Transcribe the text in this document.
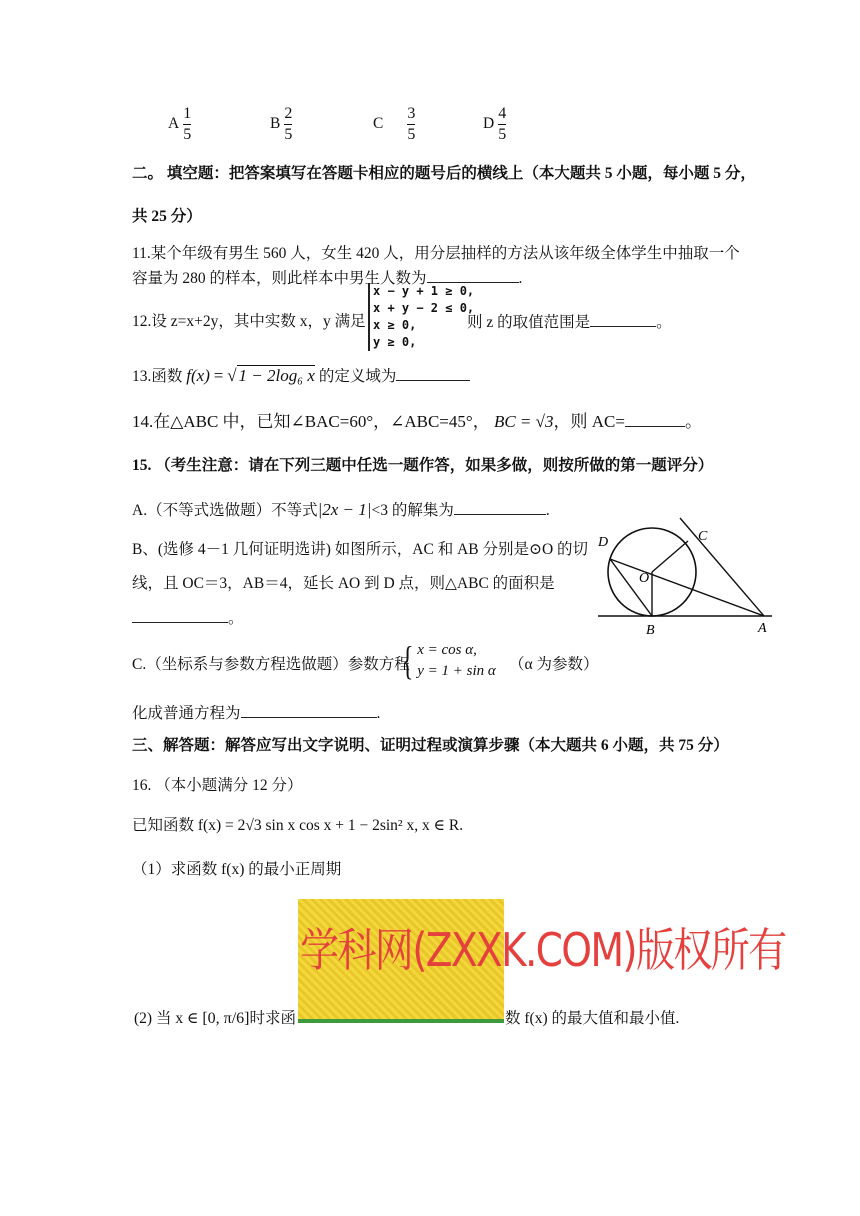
A $\frac{1}{5}$	B $\frac{2}{5}$	C $\frac{3}{5}$	D $\frac{4}{5}$
二。 填空题：把答案填写在答题卡相应的题号后的横线上（本大题共 5 小题，每小题 5 分，
共 25 分）
11.某个年级有男生 560 人，女生 420 人，用分层抽样的方法从该年级全体学生中抽取一个
容量为 280 的样本，则此样本中男生人数为	.
12.设 z=x+2y，其中实数 x，y 满足
x − y + 1 ≥ 0,
x + y − 2 ≤ 0,
x ≥ 0,
y ≥ 0,
则 z 的取值范围是	。
13.函数 f(x) = √ 1 − 2log₆ x 的定义域为
14.在△ABC 中，已知∠BAC=60°，∠ABC=45°， BC = √3，则 AC=	。
15. （考生注意：请在下列三题中任选一题作答，如果多做，则按所做的第一题评分）
A.（不等式选做题）不等式|2x − 1|<3 的解集为	.
B、(选修 4－1 几何证明选讲) 如图所示，AC 和 AB 分别是⊙O 的切
线，且 OC＝3，AB＝4，延长 AO 到 D 点，则△ABC 的面积是
。
D	C
O
B	A
C.（坐标系与参数方程选做题）参数方程
{ x = cos α,
y = 1 + sin α （α 为参数）
化成普通方程为	.
三、解答题：解答应写出文字说明、证明过程或演算步骤（本大题共 6 小题，共 75 分）
16. （本小题满分 12 分）
已知函数 f(x) = 2√3 sin x cos x + 1 − 2sin² x, x ∈ R.
（1）求函数 f(x) 的最小正周期
学科网(ZXXK.COM)版权所有
(2) 当 x ∈ [0, π/6]时求函	数 f(x) 的最大值和最小值.
